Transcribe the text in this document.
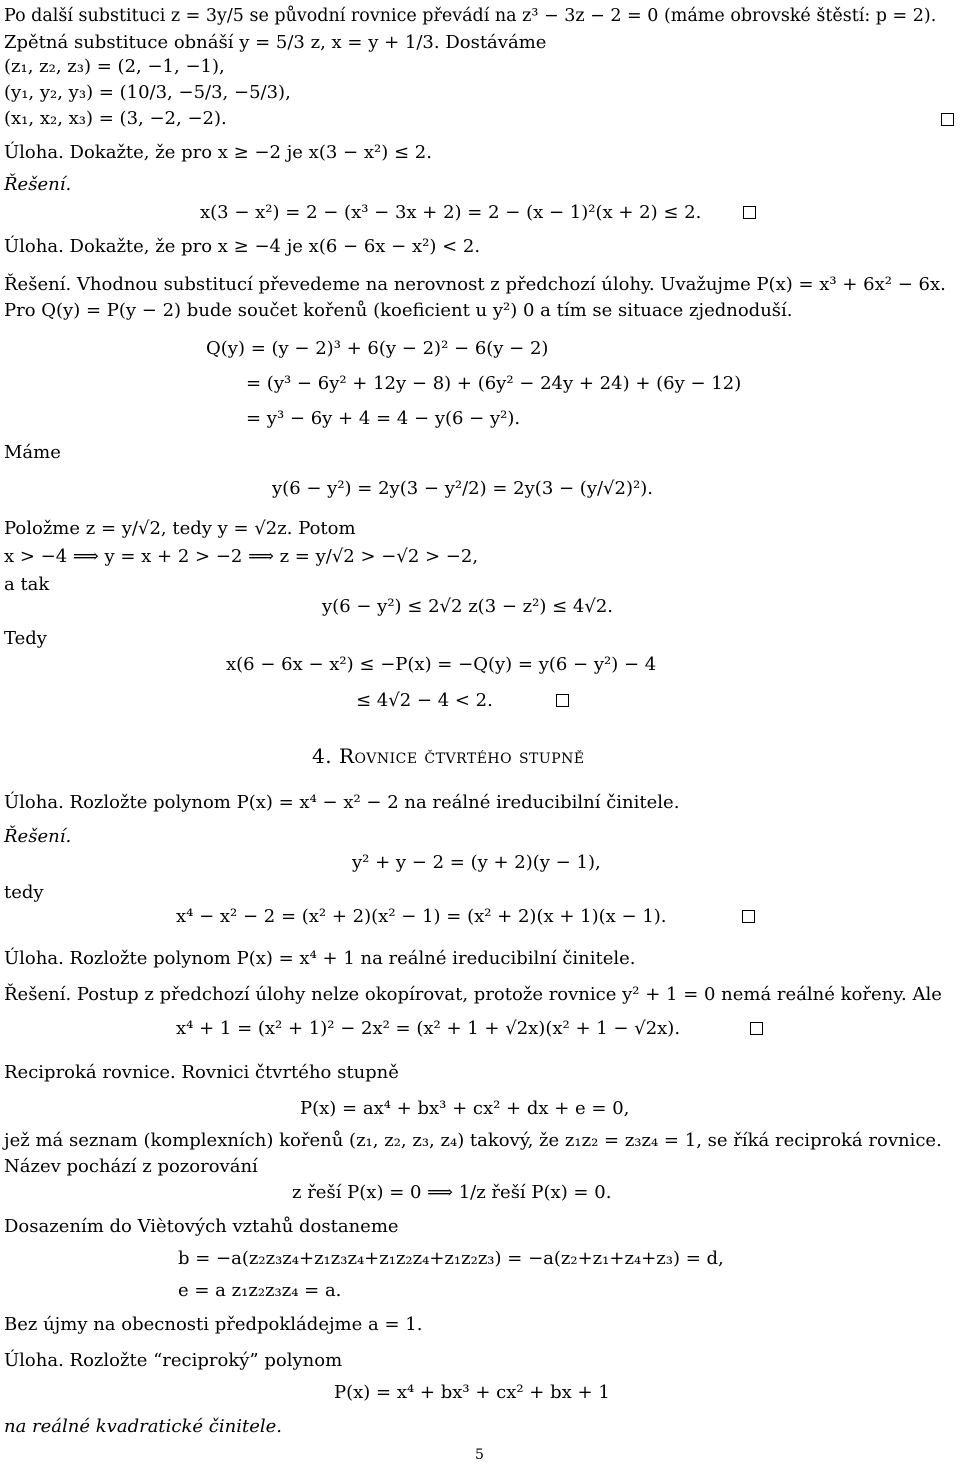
Po další substituci z = 3y/5 se původní rovnice převádí na z³ − 3z − 2 = 0 (máme obrovské štěstí: p = 2).
Zpětná substituce obnáší y = 5/3 z, x = y + 1/3. Dostáváme
(z₁, z₂, z₃) = (2, −1, −1),
(y₁, y₂, y₃) = (10/3, −5/3, −5/3),
(x₁, x₂, x₃) = (3, −2, −2).
Úloha. Dokažte, že pro x ≥ −2 je x(3 − x²) ≤ 2.
Řešení.
x(3 − x²) = 2 − (x³ − 3x + 2) = 2 − (x − 1)²(x + 2) ≤ 2.
Úloha. Dokažte, že pro x ≥ −4 je x(6 − 6x − x²) < 2.
Řešení. Vhodnou substitucí převedeme na nerovnost z předchozí úlohy. Uvažujme P(x) = x³ + 6x² − 6x.
Pro Q(y) = P(y − 2) bude součet kořenů (koeficient u y²) 0 a tím se situace zjednoduší.
Q(y) = (y − 2)³ + 6(y − 2)² − 6(y − 2)
= (y³ − 6y² + 12y − 8) + (6y² − 24y + 24) + (6y − 12)
= y³ − 6y + 4 = 4 − y(6 − y²).
Máme
y(6 − y²) = 2y(3 − y²/2) = 2y(3 − (y/√2)²).
Položme z = y/√2, tedy y = √2z. Potom
x > −4 ⟹ y = x + 2 > −2 ⟹ z = y/√2 > −√2 > −2,
a tak
y(6 − y²) ≤ 2√2 z(3 − z²) ≤ 4√2.
Tedy
x(6 − 6x − x²) ≤ −P(x) = −Q(y) = y(6 − y²) − 4
≤ 4√2 − 4 < 2.
4. Rovnice čtvrtého stupně
Úloha. Rozložte polynom P(x) = x⁴ − x² − 2 na reálné ireducibilní činitele.
Řešení.
y² + y − 2 = (y + 2)(y − 1),
tedy
x⁴ − x² − 2 = (x² + 2)(x² − 1) = (x² + 2)(x + 1)(x − 1).
Úloha. Rozložte polynom P(x) = x⁴ + 1 na reálné ireducibilní činitele.
Řešení. Postup z předchozí úlohy nelze okopírovat, protože rovnice y² + 1 = 0 nemá reálné kořeny. Ale
x⁴ + 1 = (x² + 1)² − 2x² = (x² + 1 + √2x)(x² + 1 − √2x).
Reciproká rovnice. Rovnici čtvrtého stupně
P(x) = ax⁴ + bx³ + cx² + dx + e = 0,
jež má seznam (komplexních) kořenů (z₁, z₂, z₃, z₄) takový, že z₁z₂ = z₃z₄ = 1, se říká reciproká rovnice.
Název pochází z pozorování
z řeší P(x) = 0 ⟹ 1/z řeší P(x) = 0.
Dosazením do Viètových vztahů dostaneme
b = −a(z₂z₃z₄+z₁z₃z₄+z₁z₂z₄+z₁z₂z₃) = −a(z₂+z₁+z₄+z₃) = d,
e = a z₁z₂z₃z₄ = a.
Bez újmy na obecnosti předpokládejme a = 1.
Úloha. Rozložte “reciproký” polynom
P(x) = x⁴ + bx³ + cx² + bx + 1
na reálné kvadratické činitele.
5
